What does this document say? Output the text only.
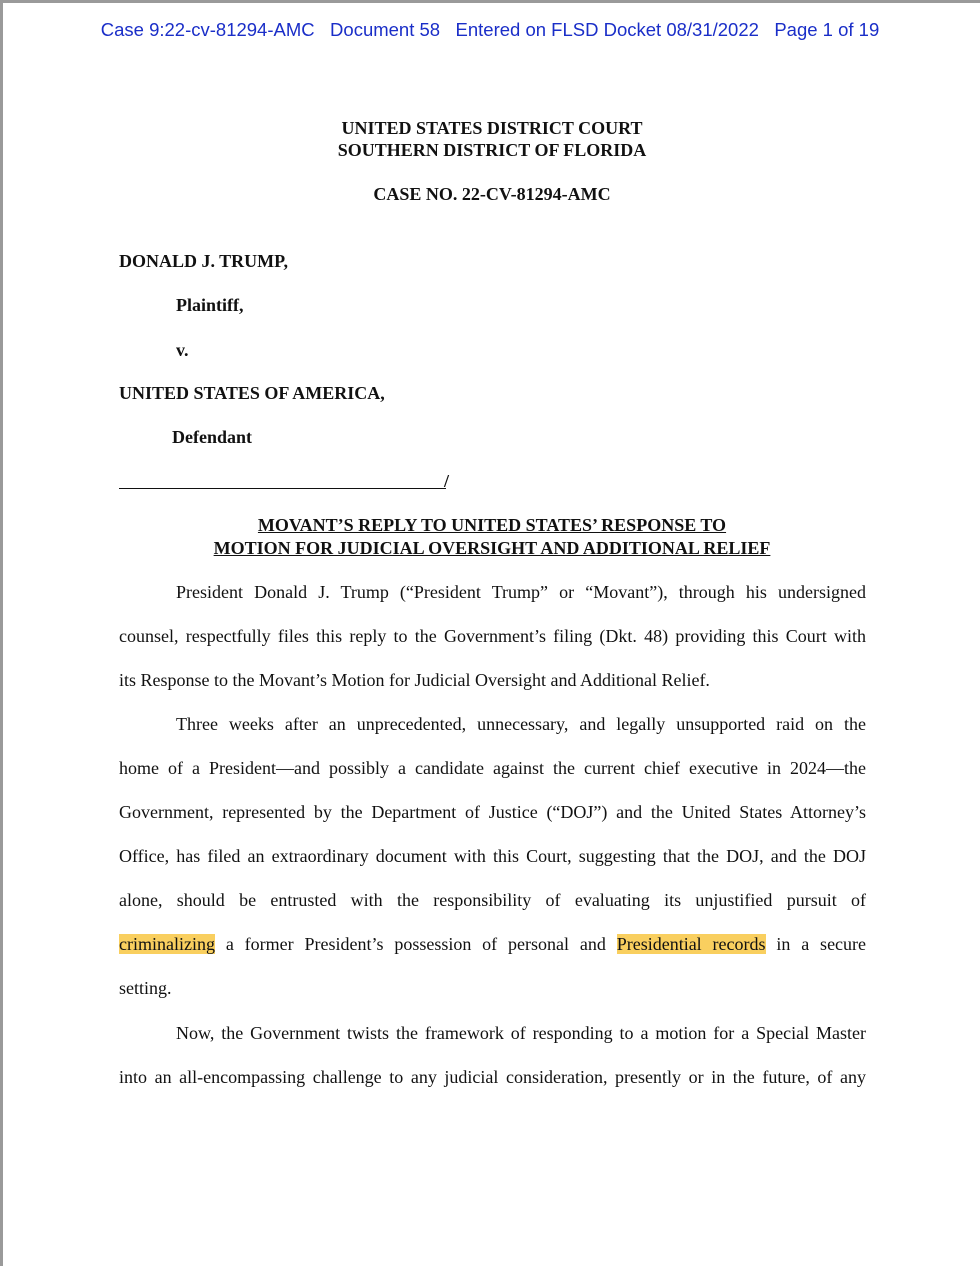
Case 9:22-cv-81294-AMC Document 58 Entered on FLSD Docket 08/31/2022 Page 1 of 19
UNITED STATES DISTRICT COURT
SOUTHERN DISTRICT OF FLORIDA
CASE NO. 22-CV-81294-AMC
DONALD J. TRUMP,
Plaintiff,
v.
UNITED STATES OF AMERICA,
Defendant
/
MOVANT’S REPLY TO UNITED STATES’ RESPONSE TO
MOTION FOR JUDICIAL OVERSIGHT AND ADDITIONAL RELIEF
President Donald J. Trump (“President Trump” or “Movant”), through his undersigned
counsel, respectfully files this reply to the Government’s filing (Dkt. 48) providing this Court with
its Response to the Movant’s Motion for Judicial Oversight and Additional Relief.
Three weeks after an unprecedented, unnecessary, and legally unsupported raid on the
home of a President—and possibly a candidate against the current chief executive in 2024—the
Government, represented by the Department of Justice (“DOJ”) and the United States Attorney’s
Office, has filed an extraordinary document with this Court, suggesting that the DOJ, and the DOJ
alone, should be entrusted with the responsibility of evaluating its unjustified pursuit of
criminalizing a former President’s possession of personal and Presidential records in a secure
setting.
Now, the Government twists the framework of responding to a motion for a Special Master
into an all-encompassing challenge to any judicial consideration, presently or in the future, of any
